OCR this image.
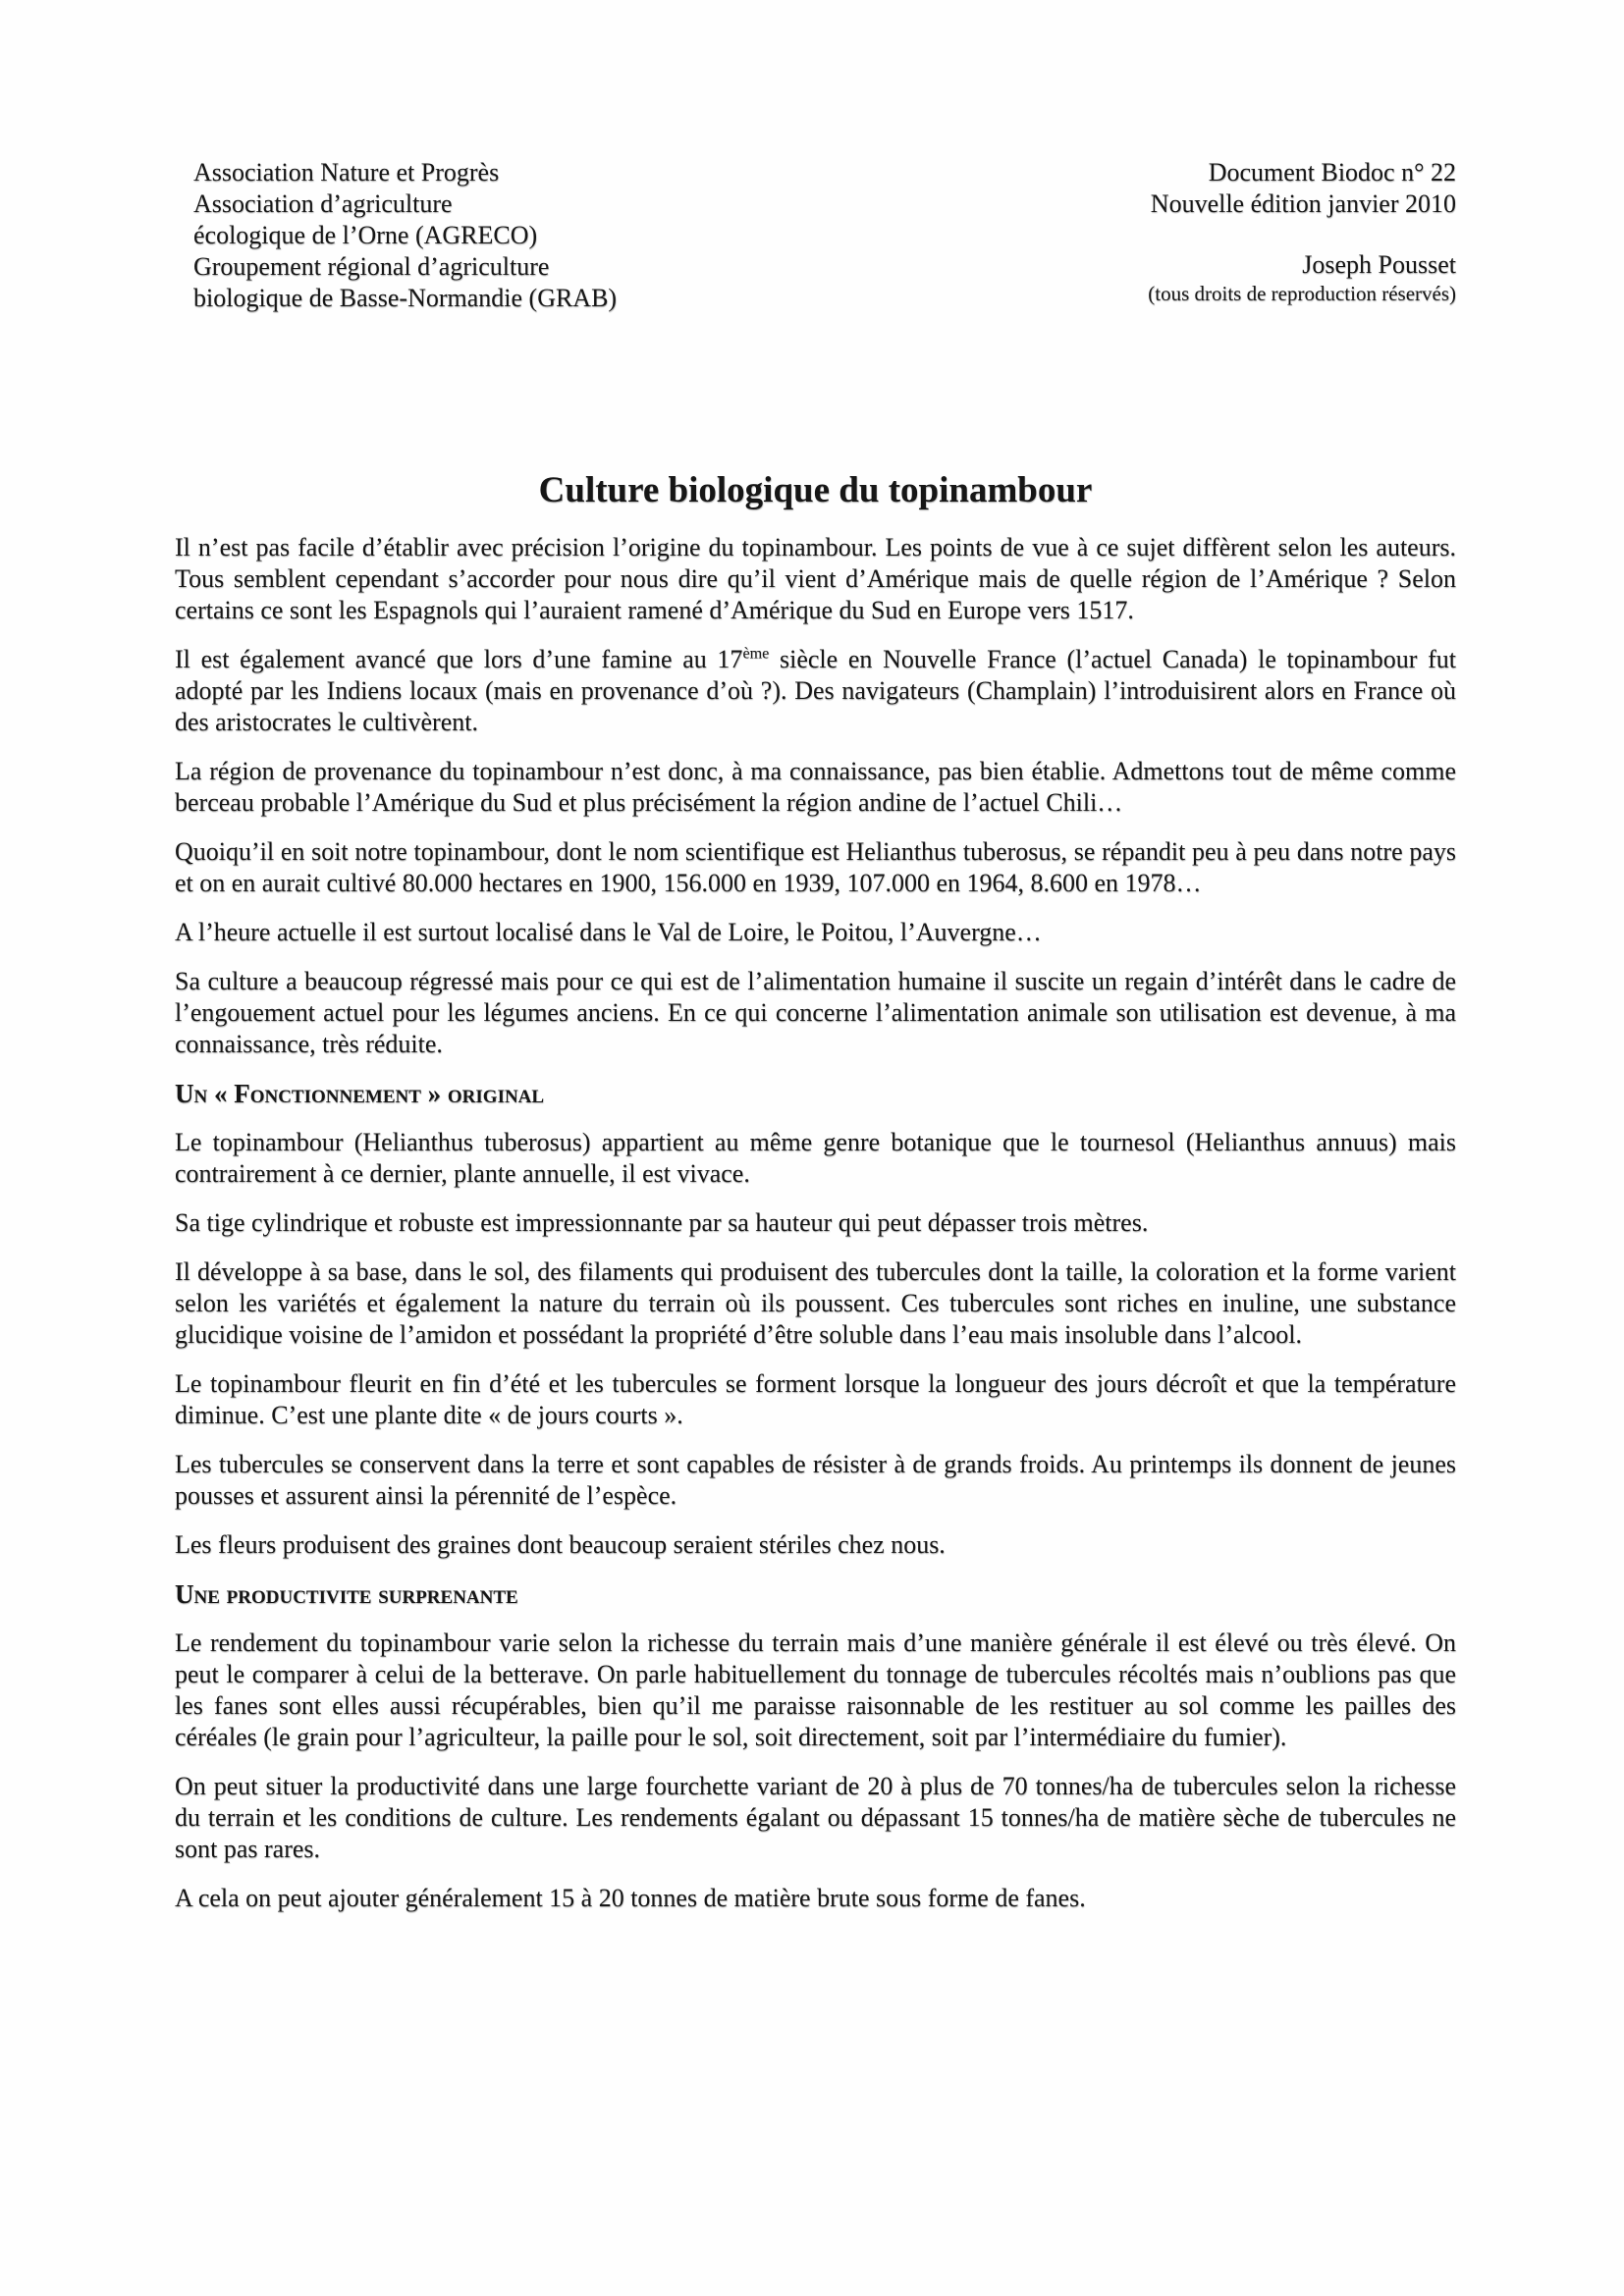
Association Nature et Progrès
Association d’agriculture
écologique de l’Orne (AGRECO)
Groupement régional d’agriculture
biologique de Basse-Normandie (GRAB)
Document Biodoc n° 22
Nouvelle édition janvier 2010
Joseph Pousset
(tous droits de reproduction réservés)
Culture biologique du topinambour

Il n’est pas facile d’établir avec précision l’origine du topinambour. Les points de vue à ce sujet diffèrent selon les auteurs. Tous semblent cependant s’accorder pour nous dire qu’il vient d’Amérique mais de quelle région de l’Amérique ? Selon certains ce sont les Espagnols qui l’auraient ramené d’Amérique du Sud en Europe vers 1517.

Il est également avancé que lors d’une famine au 17ème siècle en Nouvelle France (l’actuel Canada) le topinambour fut adopté par les Indiens locaux (mais en provenance d’où ?). Des navigateurs (Champlain) l’introduisirent alors en France où des aristocrates le cultivèrent.

La région de provenance du topinambour n’est donc, à ma connaissance, pas bien établie. Admettons tout de même comme berceau probable l’Amérique du Sud et plus précisément la région andine de l’actuel Chili…

Quoiqu’il en soit notre topinambour, dont le nom scientifique est Helianthus tuberosus, se répandit peu à peu dans notre pays et on en aurait cultivé 80.000 hectares en 1900, 156.000 en 1939, 107.000 en 1964, 8.600 en 1978…

A l’heure actuelle il est surtout localisé dans le Val de Loire, le Poitou, l’Auvergne…

Sa culture a beaucoup régressé mais pour ce qui est de l’alimentation humaine il suscite un regain d’intérêt dans le cadre de l’engouement actuel pour les légumes anciens. En ce qui concerne l’alimentation animale son utilisation est devenue, à ma connaissance, très réduite.

Un « Fonctionnement » original

Le topinambour (Helianthus tuberosus) appartient au même genre botanique que le tournesol (Helianthus annuus) mais contrairement à ce dernier, plante annuelle, il est vivace.

Sa tige cylindrique et robuste est impressionnante par sa hauteur qui peut dépasser trois mètres.

Il développe à sa base, dans le sol, des filaments qui produisent des tubercules dont la taille, la coloration et la forme varient selon les variétés et également la nature du terrain où ils poussent. Ces tubercules sont riches en inuline, une substance glucidique voisine de l’amidon et possédant la propriété d’être soluble dans l’eau mais insoluble dans l’alcool.

Le topinambour fleurit en fin d’été et les tubercules se forment lorsque la longueur des jours décroît et que la température diminue. C’est une plante dite « de jours courts ».

Les tubercules se conservent dans la terre et sont capables de résister à de grands froids. Au printemps ils donnent de jeunes pousses et assurent ainsi la pérennité de l’espèce.

Les fleurs produisent des graines dont beaucoup seraient stériles chez nous.

Une productivite surprenante

Le rendement du topinambour varie selon la richesse du terrain mais d’une manière générale il est élevé ou très élevé. On peut le comparer à celui de la betterave. On parle habituellement du tonnage de tubercules récoltés mais n’oublions pas que les fanes sont elles aussi récupérables, bien qu’il me paraisse raisonnable de les restituer au sol comme les pailles des céréales (le grain pour l’agriculteur, la paille pour le sol, soit directement, soit par l’intermédiaire du fumier).

On peut situer la productivité dans une large fourchette variant de 20 à plus de 70 tonnes/ha de tubercules selon la richesse du terrain et les conditions de culture. Les rendements égalant ou dépassant 15 tonnes/ha de matière sèche de tubercules ne sont pas rares.

A cela on peut ajouter généralement 15 à 20 tonnes de matière brute sous forme de fanes.
